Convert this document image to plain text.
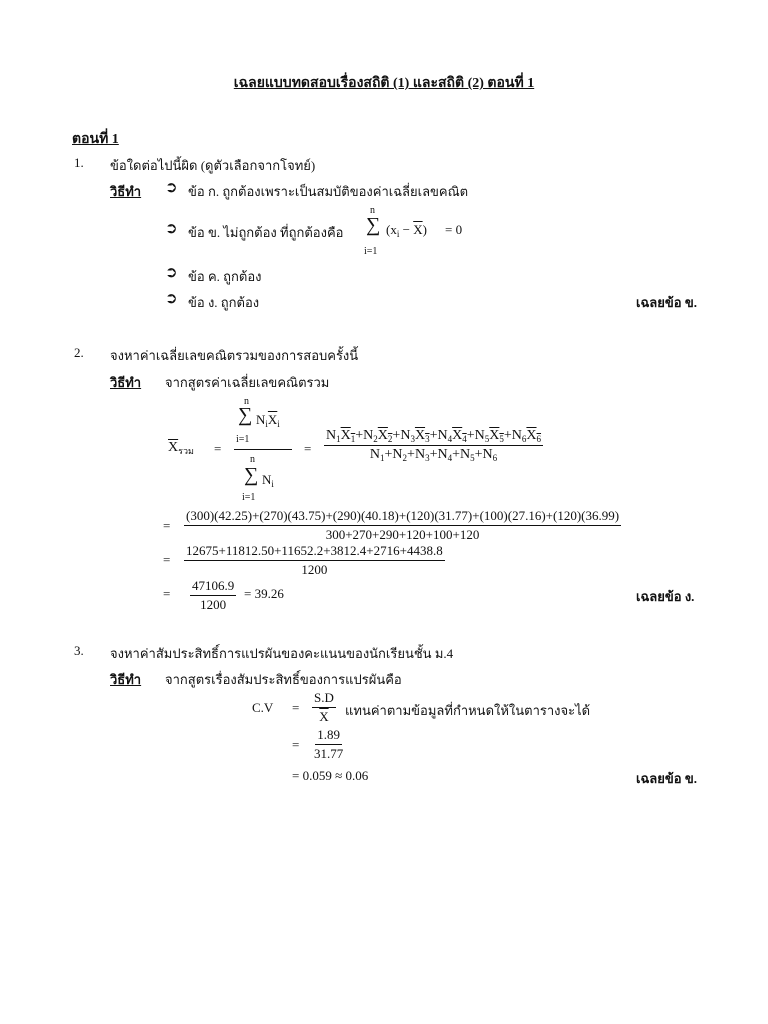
เฉลยแบบทดสอบเรื่องสถิติ (1) และสถิติ (2) ตอนที่ 1
ตอนที่ 1
1. ข้อใดต่อไปนี้ผิด (ดูตัวเลือกจากโจทย์)
วิธีทำ ➲ ข้อ ก. ถูกต้องเพราะเป็นสมบัติของค่าเฉลี่ยเลขคณิต
➲ ข้อ ข. ไม่ถูกต้อง ที่ถูกต้องคือ
n
∑
i=1
$(x_i - \overline{X}) = 0$
➲ ข้อ ค. ถูกต้อง
➲ ข้อ ง. ถูกต้อง	เฉลยข้อ ข.
2. จงหาค่าเฉลี่ยเลขคณิตรวมของการสอบครั้งนี้
วิธีทำ จากสูตรค่าเฉลี่ยเลขคณิตรวม
$\overline{X}_{รวม}$ =
n
∑ $N_i\overline{X}_i$
i=1
n
∑ $N_i$
i=1
= $\frac{N_1X_1+N_2X_2+N_3X_3+N_4X_4+N_5X_5+N_6X_6}{N_1+N_2+N_3+N_4+N_5+N_6}$
=
(300)(42.25)+(270)(43.75)+(290)(40.18)+(120)(31.77)+(100)(27.16)+(120)(36.99)
300+270+290+120+100+120
= $\frac{12675+11812.50+11652.2+3812.4+2716+4438.8}{1200}$
= $\frac{47106.9}{1200} = 39.26$	เฉลยข้อ ง.
3. จงหาค่าสัมประสิทธิ์การแปรผันของคะแนนของนักเรียนชั้น ม.4
วิธีทำ จากสูตรเรื่องสัมประสิทธิ์ของการแปรผันคือ
$C.V = \frac{S.D}{X}$ แทนค่าตามข้อมูลที่กำหนดให้ในตารางจะได้
= $\frac{1.89}{31.77}$
= 0.059 ≈ 0.06	เฉลยข้อ ข.
